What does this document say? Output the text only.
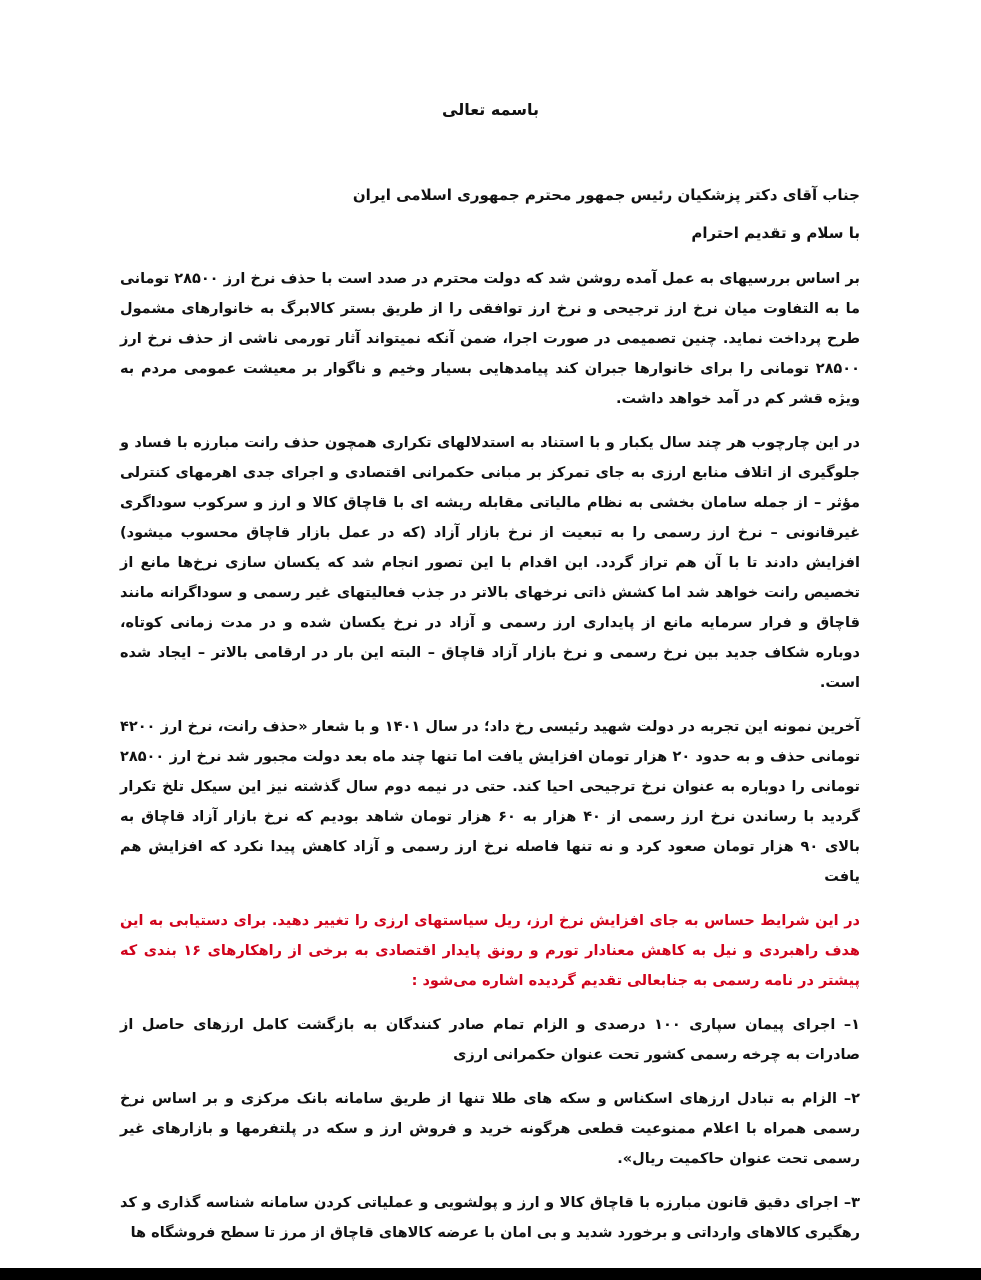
باسمه تعالی

جناب آقای دکتر پزشکیان رئیس جمهور محترم جمهوری اسلامی ایران

با سلام و تقدیم احترام

بر اساس بررسیهای به عمل آمده روشن شد که دولت محترم در صدد است با حذف نرخ ارز ۲۸۵۰۰ تومانی ما به التفاوت میان نرخ ارز ترجیحی و نرخ ارز توافقی را از طریق بستر کالابرگ به خانوارهای مشمول طرح پرداخت نماید. چنین تصمیمی در صورت اجرا، ضمن آنکه نمیتواند آثار تورمی ناشی از حذف نرخ ارز ۲۸۵۰۰ تومانی را برای خانوارها جبران کند پیامدهایی بسیار وخیم و ناگوار بر معیشت عمومی مردم به ویژه قشر کم در آمد خواهد داشت.

در این چارچوب هر چند سال یکبار و با استناد به استدلالهای تکراری همچون حذف رانت مبارزه با فساد و جلوگیری از اتلاف منابع ارزی به جای تمرکز بر مبانی حکمرانی اقتصادی و اجرای جدی اهرمهای کنترلی مؤثر – از جمله سامان بخشی به نظام مالیاتی مقابله ریشه ای با قاچاق کالا و ارز و سرکوب سوداگری غیرقانونی – نرخ ارز رسمی را به تبعیت از نرخ بازار آزاد (که در عمل بازار قاچاق محسوب میشود) افزایش دادند تا با آن هم تراز گردد. این اقدام با این تصور انجام شد که یکسان سازی نرخ‌ها مانع از تخصیص رانت خواهد شد اما کشش ذاتی نرخهای بالاتر در جذب فعالیتهای غیر رسمی و سوداگرانه مانند قاچاق و فرار سرمایه مانع از پایداری ارز رسمی و آزاد در نرخ یکسان شده و در مدت زمانی کوتاه، دوباره شکاف جدید بین نرخ رسمی و نرخ بازار آزاد قاچاق – البته این بار در ارقامی بالاتر – ایجاد شده است.

آخرین نمونه این تجربه در دولت شهید رئیسی رخ داد؛ در سال ۱۴۰۱ و با شعار «حذف رانت، نرخ ارز ۴۲۰۰ تومانی حذف و به حدود ۲۰ هزار تومان افزایش یافت اما تنها چند ماه بعد دولت مجبور شد نرخ ارز ۲۸۵۰۰ تومانی را دوباره به عنوان نرخ ترجیحی احیا کند. حتی در نیمه دوم سال گذشته نیز این سیکل تلخ تکرار گردید با رساندن نرخ ارز رسمی از ۴۰ هزار به ۶۰ هزار تومان شاهد بودیم که نرخ بازار آزاد قاچاق به بالای ۹۰ هزار تومان صعود کرد و نه تنها فاصله نرخ ارز رسمی و آزاد کاهش پیدا نکرد که افزایش هم یافت

در این شرایط حساس به جای افزایش نرخ ارز، ریل سیاستهای ارزی را تغییر دهید. برای دستیابی به این هدف راهبردی و نیل به کاهش معنادار تورم و رونق پایدار اقتصادی به برخی از راهکارهای ۱۶ بندی که پیشتر در نامه رسمی به جنابعالی تقدیم گردیده اشاره می‌شود :

۱– اجرای پیمان سپاری ۱۰۰ درصدی و الزام تمام صادر کنندگان به بازگشت کامل ارزهای حاصل از صادرات به چرخه رسمی کشور تحت عنوان حکمرانی ارزی

۲– الزام به تبادل ارزهای اسکناس و سکه های طلا تنها از طریق سامانه بانک مرکزی و بر اساس نرخ رسمی همراه با اعلام ممنوعیت قطعی هرگونه خرید و فروش ارز و سکه در پلتفرمها و بازارهای غیر رسمی تحت عنوان حاکمیت ریال».

۳– اجرای دقیق قانون مبارزه با قاچاق کالا و ارز و پولشویی و عملیاتی کردن سامانه شناسه گذاری و کد رهگیری کالاهای وارداتی و برخورد شدید و بی امان با عرضه کالاهای قاچاق از مرز تا سطح فروشگاه ها
